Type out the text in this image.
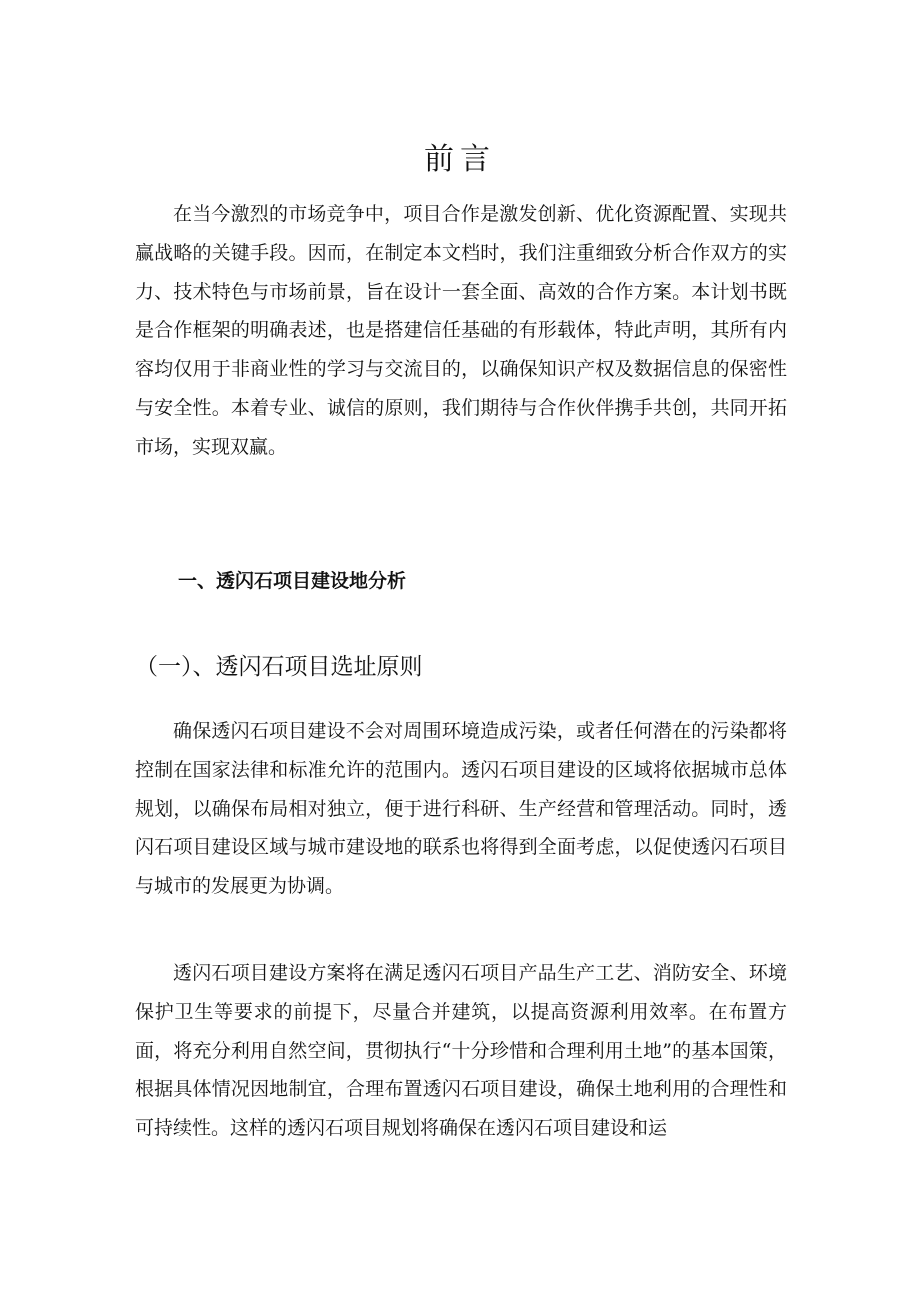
前言

在当今激烈的市场竞争中，项目合作是激发创新、优化资源配置、实现共赢战略的关键手段。因而，在制定本文档时，我们注重细致分析合作双方的实力、技术特色与市场前景，旨在设计一套全面、高效的合作方案。本计划书既是合作框架的明确表述，也是搭建信任基础的有形载体，特此声明，其所有内容均仅用于非商业性的学习与交流目的，以确保知识产权及数据信息的保密性与安全性。本着专业、诚信的原则，我们期待与合作伙伴携手共创，共同开拓市场，实现双赢。

一、透闪石项目建设地分析
（一）、透闪石项目选址原则

确保透闪石项目建设不会对周围环境造成污染，或者任何潜在的污染都将控制在国家法律和标准允许的范围内。透闪石项目建设的区域将依据城市总体规划，以确保布局相对独立，便于进行科研、生产经营和管理活动。同时，透闪石项目建设区域与城市建设地的联系也将得到全面考虑，以促使透闪石项目与城市的发展更为协调。

透闪石项目建设方案将在满足透闪石项目产品生产工艺、消防安全、环境保护卫生等要求的前提下，尽量合并建筑，以提高资源利用效率。在布置方面，将充分利用自然空间，贯彻执行“十分珍惜和合理利用土地”的基本国策，根据具体情况因地制宜，合理布置透闪石项目建设，确保土地利用的合理性和可持续性。这样的透闪石项目规划将确保在透闪石项目建设和运
